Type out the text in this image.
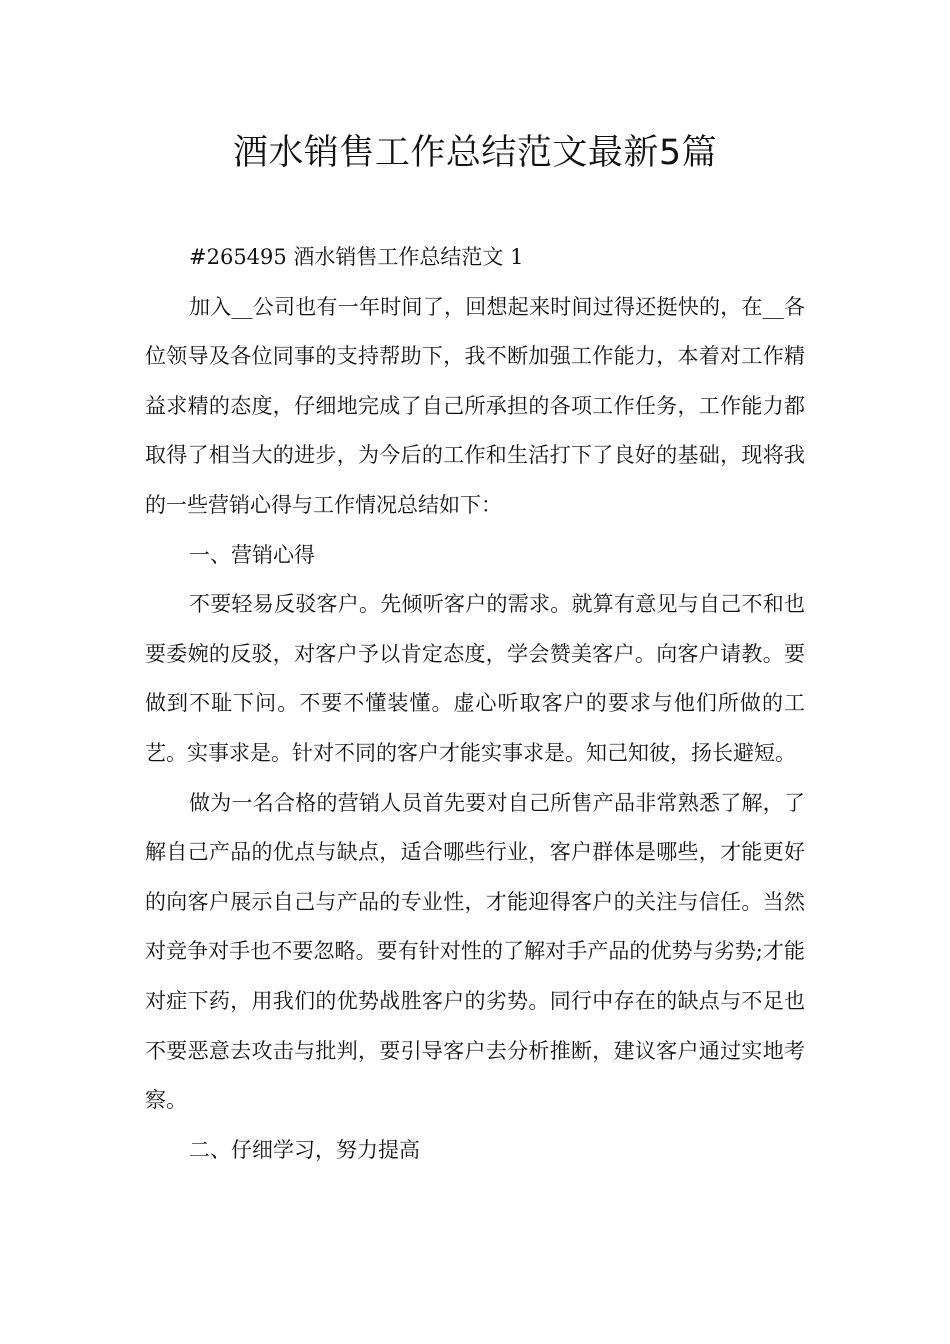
酒水销售工作总结范文最新5篇

#265495 酒水销售工作总结范文 1

加入__公司也有一年时间了，回想起来时间过得还挺快的，在__各位领导及各位同事的支持帮助下，我不断加强工作能力，本着对工作精益求精的态度，仔细地完成了自己所承担的各项工作任务，工作能力都取得了相当大的进步，为今后的工作和生活打下了良好的基础，现将我的一些营销心得与工作情况总结如下：

一、营销心得

不要轻易反驳客户。先倾听客户的需求。就算有意见与自己不和也要委婉的反驳，对客户予以肯定态度，学会赞美客户。向客户请教。要做到不耻下问。不要不懂装懂。虚心听取客户的要求与他们所做的工艺。实事求是。针对不同的客户才能实事求是。知己知彼，扬长避短。

做为一名合格的营销人员首先要对自己所售产品非常熟悉了解，了解自己产品的优点与缺点，适合哪些行业，客户群体是哪些，才能更好的向客户展示自己与产品的专业性，才能迎得客户的关注与信任。当然对竞争对手也不要忽略。要有针对性的了解对手产品的优势与劣势;才能对症下药，用我们的优势战胜客户的劣势。同行中存在的缺点与不足也不要恶意去攻击与批判，要引导客户去分析推断，建议客户通过实地考察。

二、仔细学习，努力提高
